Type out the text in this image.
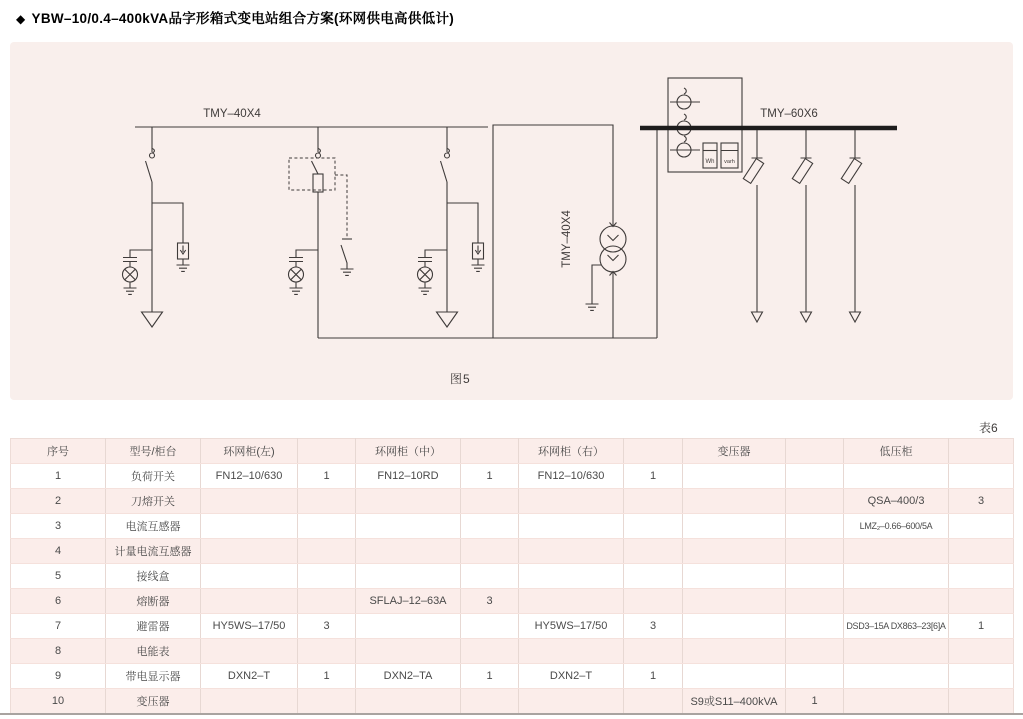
◆ YBW–10/0.4–400kVA品字形箱式变电站组合方案(环网供电高供低计)
TMY–40X4
TMY–40X4
Wh varh
TMY–60X6
图5
表6
序号	型号/柜台	环网柜(左)		环网柜（中）		环网柜（右）		变压器		低压柜	
1	负荷开关	FN12–10/630	1	FN12–10RD	1	FN12–10/630	1				
2	刀熔开关									QSA–400/3	3
3	电流互感器									LMZ₂–0.66–600/5A	
4	计量电流互感器										
5	接线盒										
6	熔断器			SFLAJ–12–63A	3						
7	避雷器	HY5WS–17/50	3			HY5WS–17/50	3			DSD3–15A DX863–23[6]A	1
8	电能表										
9	带电显示器	DXN2–T	1	DXN2–TA	1	DXN2–T	1				
10	变压器							S9或S11–400kVA	1		
